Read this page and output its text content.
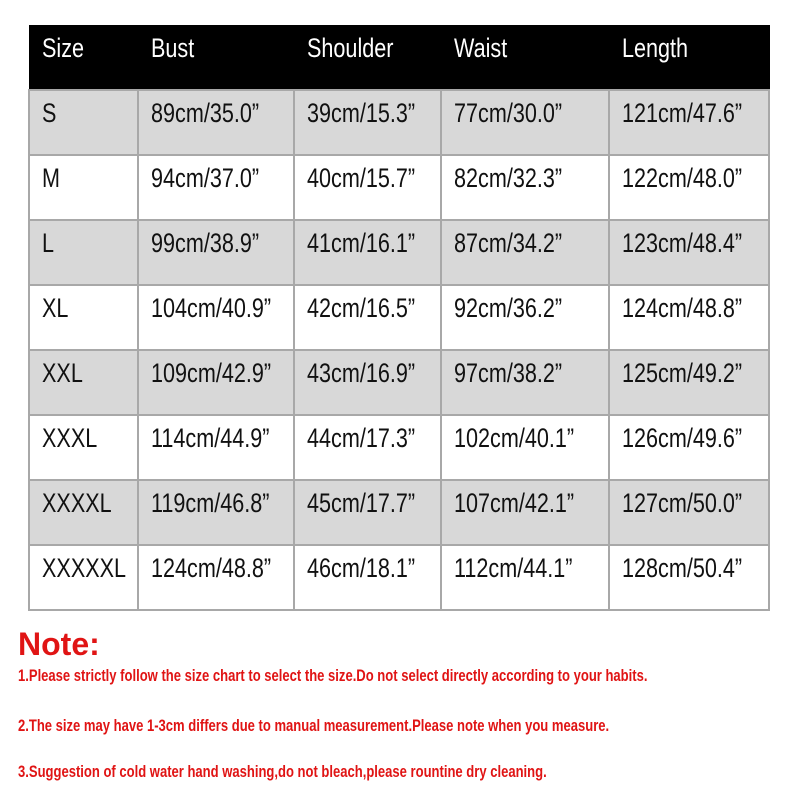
Size	Bust	Shoulder	Waist	Length
S	89cm/35.0”	39cm/15.3”	77cm/30.0”	121cm/47.6”
M	94cm/37.0”	40cm/15.7”	82cm/32.3”	122cm/48.0”
L	99cm/38.9”	41cm/16.1”	87cm/34.2”	123cm/48.4”
XL	104cm/40.9”	42cm/16.5”	92cm/36.2”	124cm/48.8”
XXL	109cm/42.9”	43cm/16.9”	97cm/38.2”	125cm/49.2”
XXXL	114cm/44.9”	44cm/17.3”	102cm/40.1”	126cm/49.6”
XXXXL	119cm/46.8”	45cm/17.7”	107cm/42.1”	127cm/50.0”
XXXXXL	124cm/48.8”	46cm/18.1”	112cm/44.1”	128cm/50.4”
Note:
1.Please strictly follow the size chart to select the size.Do not select directly according to your habits.
2.The size may have 1-3cm differs due to manual measurement.Please note when you measure.
3.Suggestion of cold water hand washing,do not bleach,please rountine dry cleaning.
